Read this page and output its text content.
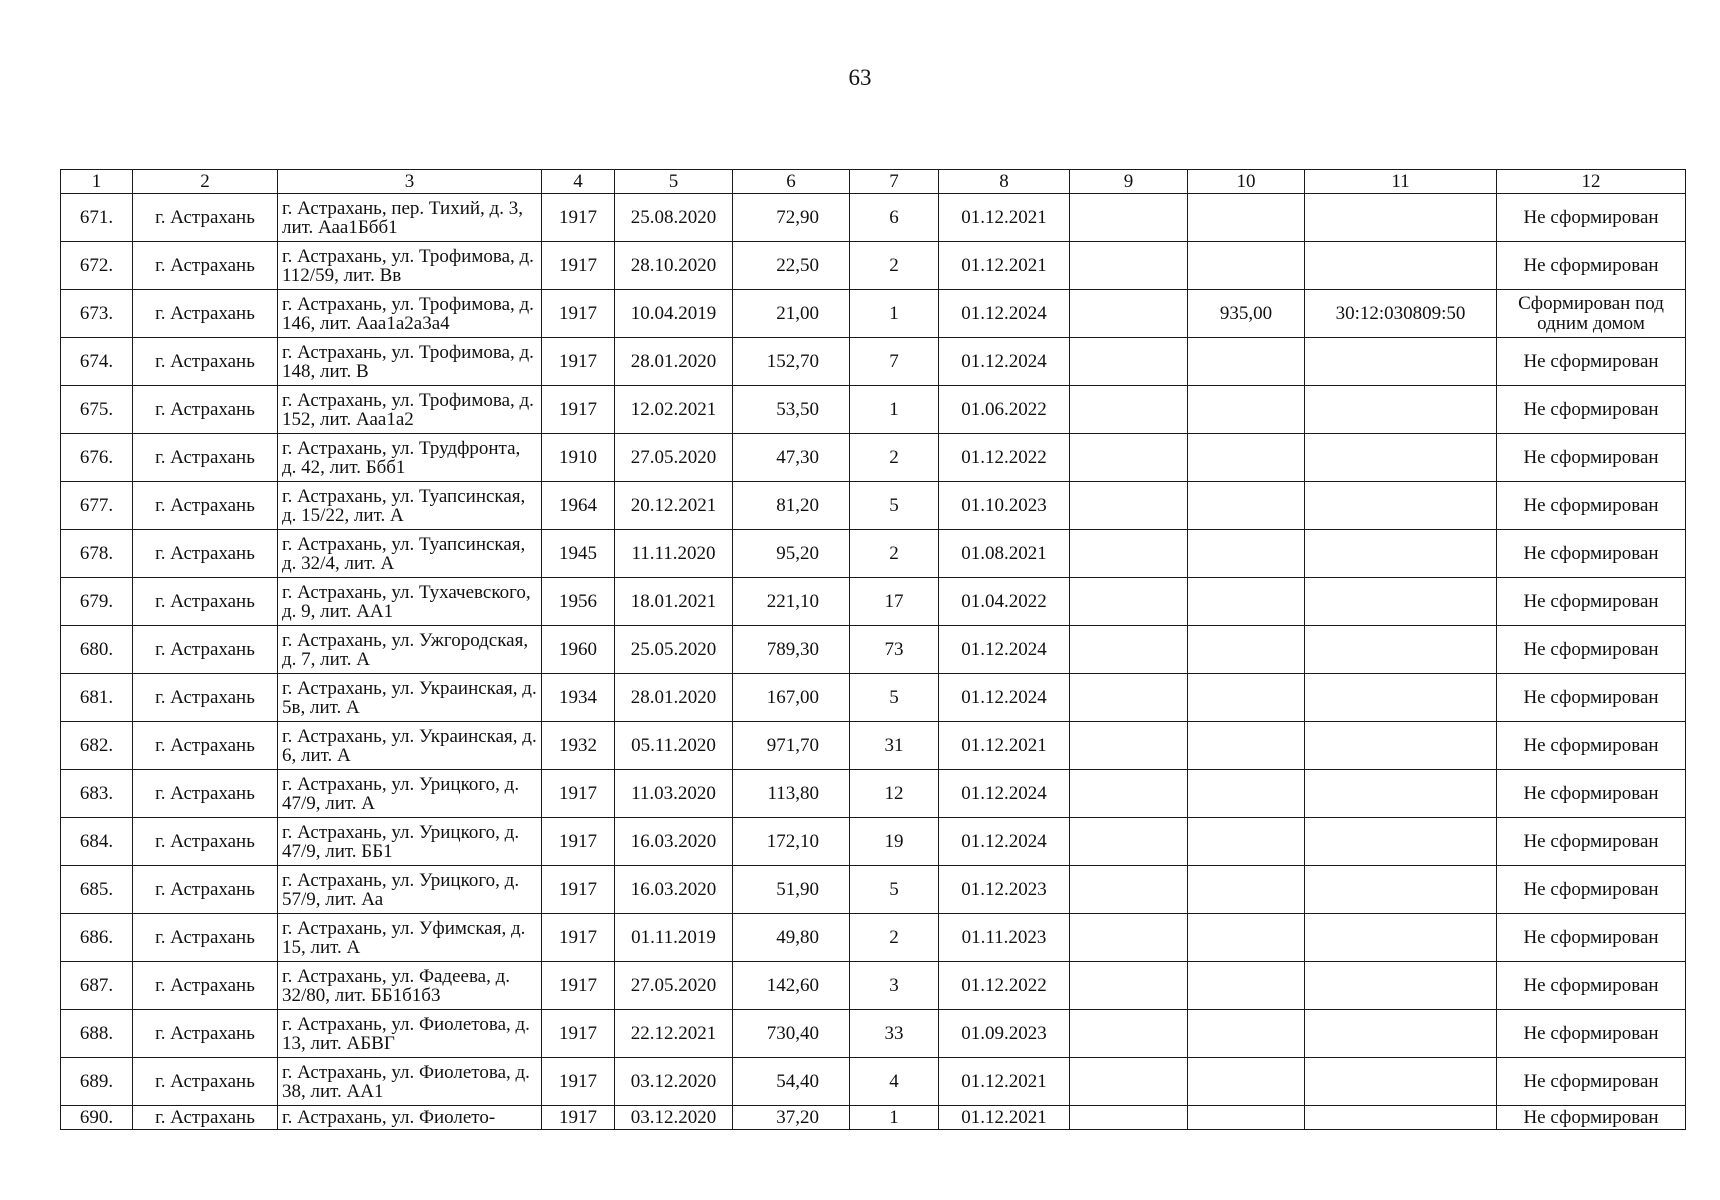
63
1	2	3	4	5	6	7	8	9	10	11	12
671.	г. Астрахань	г. Астрахань, пер. Тихий, д. 3, лит. Ааа1Ббб1	1917	25.08.2020	72,90	6	01.12.2021				Не сформирован
672.	г. Астрахань	г. Астрахань, ул. Трофимова, д. 112/59, лит. Вв	1917	28.10.2020	22,50	2	01.12.2021				Не сформирован
673.	г. Астрахань	г. Астрахань, ул. Трофимова, д. 146, лит. Ааа1а2а3а4	1917	10.04.2019	21,00	1	01.12.2024		935,00	30:12:030809:50	Сформирован под одним домом
674.	г. Астрахань	г. Астрахань, ул. Трофимова, д. 148, лит. В	1917	28.01.2020	152,70	7	01.12.2024				Не сформирован
675.	г. Астрахань	г. Астрахань, ул. Трофимова, д. 152, лит. Ааа1а2	1917	12.02.2021	53,50	1	01.06.2022				Не сформирован
676.	г. Астрахань	г. Астрахань, ул. Трудфронта, д. 42, лит. Ббб1	1910	27.05.2020	47,30	2	01.12.2022				Не сформирован
677.	г. Астрахань	г. Астрахань, ул. Туапсинская, д. 15/22, лит. А	1964	20.12.2021	81,20	5	01.10.2023				Не сформирован
678.	г. Астрахань	г. Астрахань, ул. Туапсинская, д. 32/4, лит. А	1945	11.11.2020	95,20	2	01.08.2021				Не сформирован
679.	г. Астрахань	г. Астрахань, ул. Тухачевского, д. 9, лит. АА1	1956	18.01.2021	221,10	17	01.04.2022				Не сформирован
680.	г. Астрахань	г. Астрахань, ул. Ужгородская, д. 7, лит. А	1960	25.05.2020	789,30	73	01.12.2024				Не сформирован
681.	г. Астрахань	г. Астрахань, ул. Украинская, д. 5в, лит. А	1934	28.01.2020	167,00	5	01.12.2024				Не сформирован
682.	г. Астрахань	г. Астрахань, ул. Украинская, д. 6, лит. А	1932	05.11.2020	971,70	31	01.12.2021				Не сформирован
683.	г. Астрахань	г. Астрахань, ул. Урицкого, д. 47/9, лит. А	1917	11.03.2020	113,80	12	01.12.2024				Не сформирован
684.	г. Астрахань	г. Астрахань, ул. Урицкого, д. 47/9, лит. ББ1	1917	16.03.2020	172,10	19	01.12.2024				Не сформирован
685.	г. Астрахань	г. Астрахань, ул. Урицкого, д. 57/9, лит. Аа	1917	16.03.2020	51,90	5	01.12.2023				Не сформирован
686.	г. Астрахань	г. Астрахань, ул. Уфимская, д. 15, лит. А	1917	01.11.2019	49,80	2	01.11.2023				Не сформирован
687.	г. Астрахань	г. Астрахань, ул. Фадеева, д. 32/80, лит. ББ1б1б3	1917	27.05.2020	142,60	3	01.12.2022				Не сформирован
688.	г. Астрахань	г. Астрахань, ул. Фиолетова, д. 13, лит. АБВГ	1917	22.12.2021	730,40	33	01.09.2023				Не сформирован
689.	г. Астрахань	г. Астрахань, ул. Фиолетова, д. 38, лит. АА1	1917	03.12.2020	54,40	4	01.12.2021				Не сформирован
690.	г. Астрахань	г. Астрахань, ул. Фиолето-	1917	03.12.2020	37,20	1	01.12.2021				Не сформирован
